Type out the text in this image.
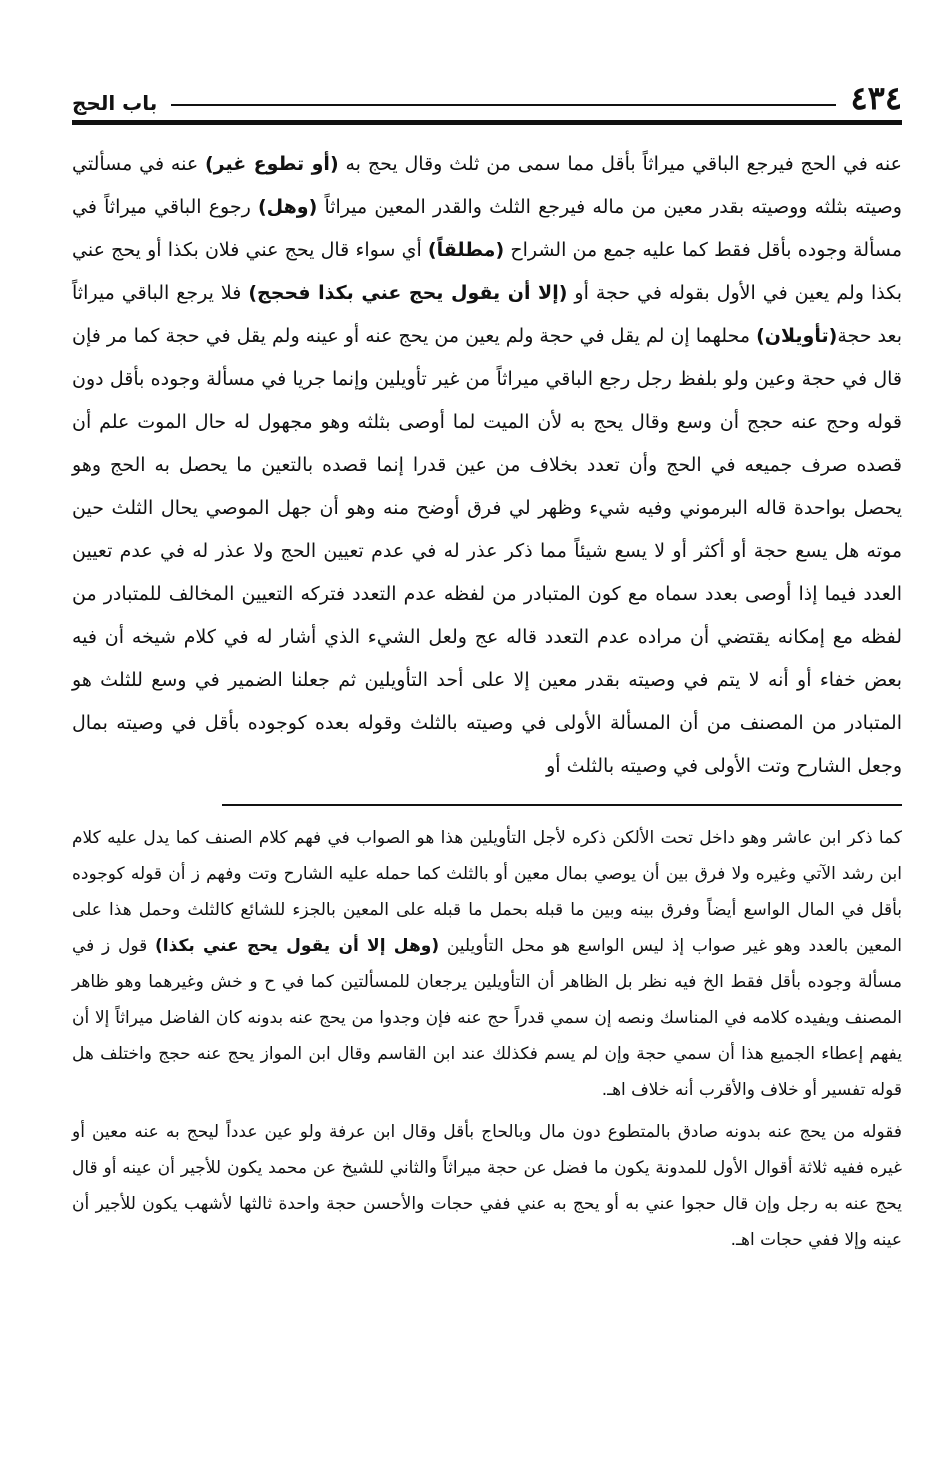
٤٣٤
باب الحج

عنه في الحج فيرجع الباقي ميراثاً بأقل مما سمى من ثلث وقال يحج به (أو تطوع غير) عنه في مسألتي وصيته بثلثه ووصيته بقدر معين من ماله فيرجع الثلث والقدر المعين ميراثاً (وهل) رجوع الباقي ميراثاً في مسألة وجوده بأقل فقط كما عليه جمع من الشراح (مطلقاً) أي سواء قال يحج عني فلان بكذا أو يحج عني بكذا ولم يعين في الأول بقوله في حجة أو (إلا أن يقول يحج عني بكذا فحجج) فلا يرجع الباقي ميراثاً بعد حجة(تأويلان) محلهما إن لم يقل في حجة ولم يعين من يحج عنه أو عينه ولم يقل في حجة كما مر فإن قال في حجة وعين ولو بلفظ رجل رجع الباقي ميراثاً من غير تأويلين وإنما جريا في مسألة وجوده بأقل دون قوله وحج عنه حجج أن وسع وقال يحج به لأن الميت لما أوصى بثلثه وهو مجهول له حال الموت علم أن قصده صرف جميعه في الحج وأن تعدد بخلاف من عين قدرا إنما قصده بالتعين ما يحصل به الحج وهو يحصل بواحدة قاله البرموني وفيه شيء وظهر لي فرق أوضح منه وهو أن جهل الموصي يحال الثلث حين موته هل يسع حجة أو أكثر أو لا يسع شيئاً مما ذكر عذر له في عدم تعيين الحج ولا عذر له في عدم تعيين العدد فيما إذا أوصى بعدد سماه مع كون المتبادر من لفظه عدم التعدد فتركه التعيين المخالف للمتبادر من لفظه مع إمكانه يقتضي أن مراده عدم التعدد قاله عج ولعل الشيء الذي أشار له في كلام شيخه أن فيه بعض خفاء أو أنه لا يتم في وصيته بقدر معين إلا على أحد التأويلين ثم جعلنا الضمير في وسع للثلث هو المتبادر من المصنف من أن المسألة الأولى في وصيته بالثلث وقوله بعده كوجوده بأقل في وصيته بمال وجعل الشارح وتت الأولى في وصيته بالثلث أو

كما ذكر ابن عاشر وهو داخل تحت الألكن ذكره لأجل التأويلين هذا هو الصواب في فهم كلام الصنف كما يدل عليه كلام ابن رشد الآتي وغيره ولا فرق بين أن يوصي بمال معين أو بالثلث كما حمله عليه الشارح وتت وفهم ز أن قوله كوجوده بأقل في المال الواسع أيضاً وفرق بينه وبين ما قبله بحمل ما قبله على المعين بالجزء للشائع كالثلث وحمل هذا على المعين بالعدد وهو غير صواب إذ ليس الواسع هو محل التأويلين (وهل إلا أن يقول يحج عني بكذا) قول ز في مسألة وجوده بأقل فقط الخ فيه نظر بل الظاهر أن التأويلين يرجعان للمسألتين كما في ح و خش وغيرهما وهو ظاهر المصنف ويفيده كلامه في المناسك ونصه إن سمي قدراً حج عنه فإن وجدوا من يحج عنه بدونه كان الفاضل ميراثاً إلا أن يفهم إعطاء الجميع هذا أن سمي حجة وإن لم يسم فكذلك عند ابن القاسم وقال ابن المواز يحج عنه حجج واختلف هل قوله تفسير أو خلاف والأقرب أنه خلاف اهـ.

فقوله من يحج عنه بدونه صادق بالمتطوع دون مال وبالحاج بأقل وقال ابن عرفة ولو عين عدداً ليحج به عنه معين أو غيره ففيه ثلاثة أقوال الأول للمدونة يكون ما فضل عن حجة ميراثاً والثاني للشيخ عن محمد يكون للأجير أن عينه أو قال يحج عنه به رجل وإن قال حجوا عني به أو يحج به عني ففي حجات والأحسن حجة واحدة ثالثها لأشهب يكون للأجير أن عينه وإلا ففي حجات اهـ.
